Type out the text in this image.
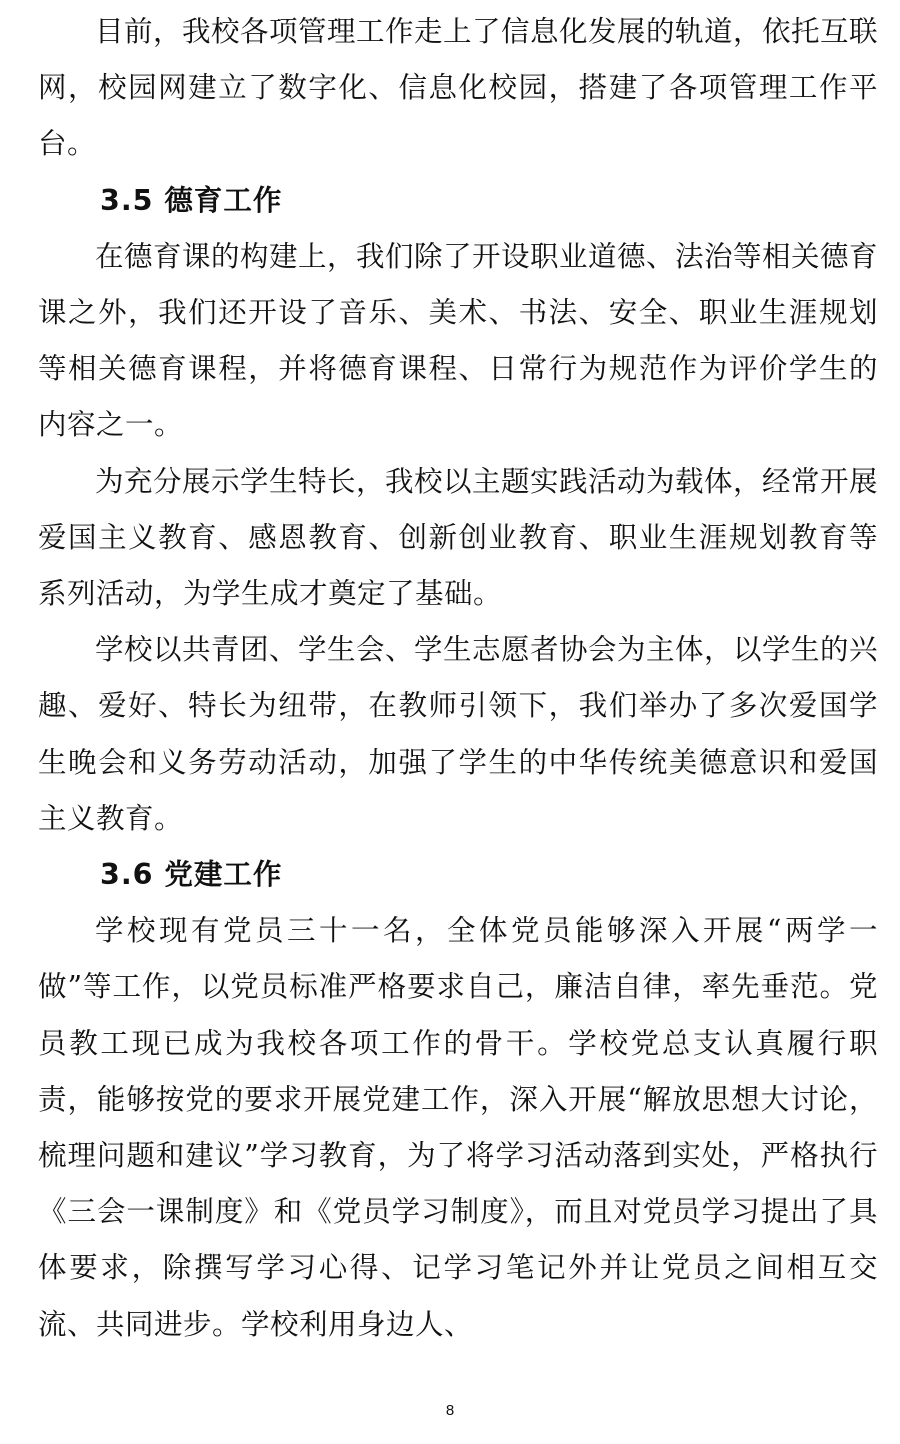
目前，我校各项管理工作走上了信息化发展的轨道，依托互联网，校园网建立了数字化、信息化校园，搭建了各项管理工作平台。

3.5 德育工作

在德育课的构建上，我们除了开设职业道德、法治等相关德育课之外，我们还开设了音乐、美术、书法、安全、职业生涯规划等相关德育课程，并将德育课程、日常行为规范作为评价学生的内容之一。

为充分展示学生特长，我校以主题实践活动为载体，经常开展爱国主义教育、感恩教育、创新创业教育、职业生涯规划教育等系列活动，为学生成才奠定了基础。

学校以共青团、学生会、学生志愿者协会为主体，以学生的兴趣、爱好、特长为纽带，在教师引领下，我们举办了多次爱国学生晚会和义务劳动活动，加强了学生的中华传统美德意识和爱国主义教育。

3.6 党建工作

学校现有党员三十一名，全体党员能够深入开展“两学一做”等工作，以党员标准严格要求自己，廉洁自律，率先垂范。党员教工现已成为我校各项工作的骨干。学校党总支认真履行职责，能够按党的要求开展党建工作，深入开展“解放思想大讨论，梳理问题和建议”学习教育，为了将学习活动落到实处，严格执行《三会一课制度》和《党员学习制度》，而且对党员学习提出了具体要求，除撰写学习心得、记学习笔记外并让党员之间相互交流、共同进步。学校利用身边人、

8
